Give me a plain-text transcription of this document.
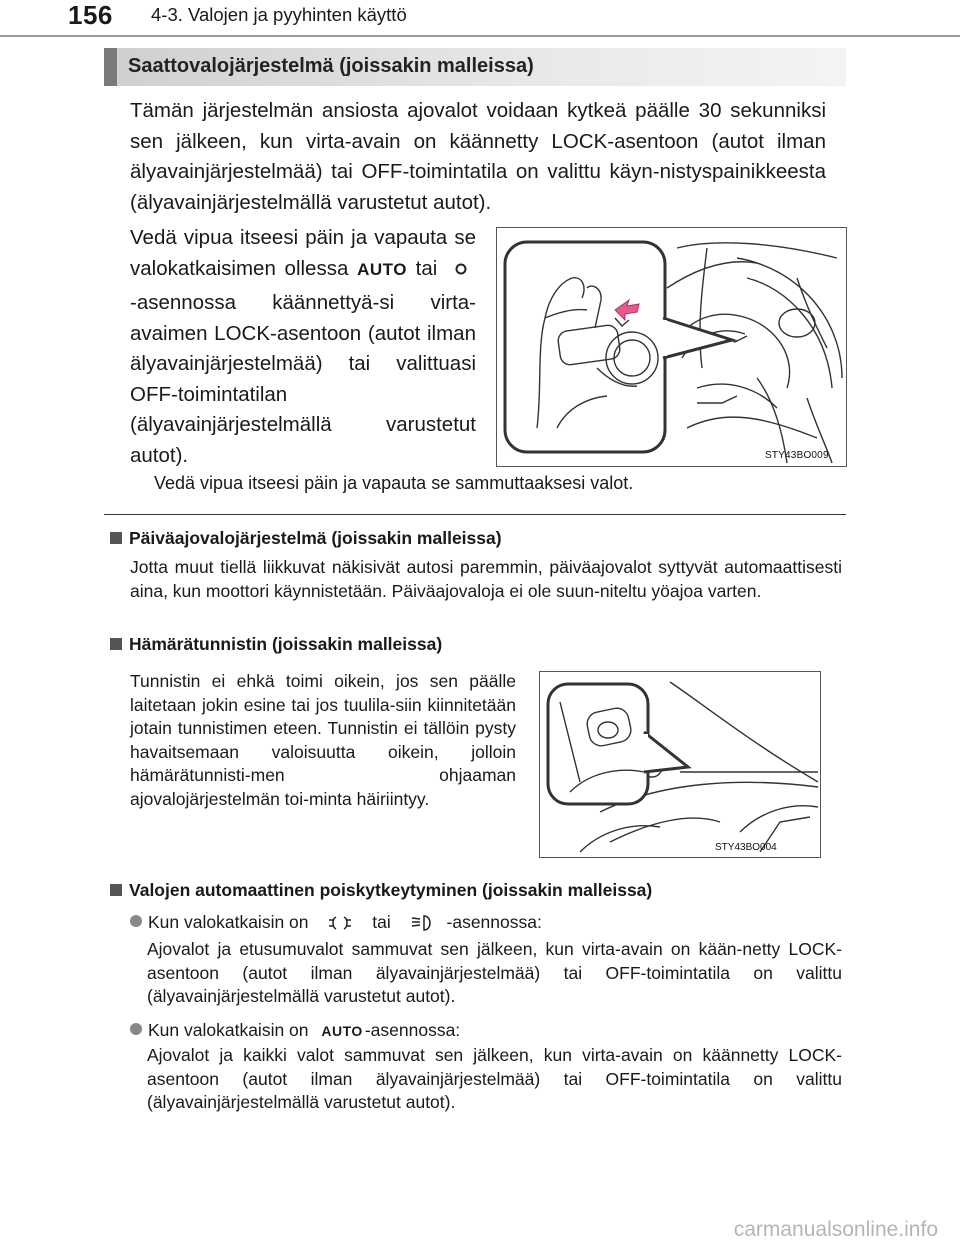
156 4-3. Valojen ja pyyhinten käyttö
Saattovalojärjestelmä (joissakin malleissa)
Tämän järjestelmän ansiosta ajovalot voidaan kytkeä päälle 30 sekunniksi sen jälkeen, kun virta-avain on käännetty LOCK-asentoon (autot ilman älyavainjärjestelmää) tai OFF-toimintatila on valittu käyn-nistyspainikkeesta (älyavainjärjestelmällä varustetut autot).
Vedä vipua itseesi päin ja vapauta se valokatkaisimen ollessa AUTO tai  -asennossa käännettyä-si virta-avaimen LOCK-asentoon (autot ilman älyavainjärjestelmää) tai valittuasi OFF-toimintatilan (älyavainjärjestelmällä varustetut autot).	STY43BO009
Vedä vipua itseesi päin ja vapauta se sammuttaaksesi valot.
Päiväajovalojärjestelmä (joissakin malleissa)
Jotta muut tiellä liikkuvat näkisivät autosi paremmin, päiväajovalot syttyvät automaattisesti aina, kun moottori käynnistetään. Päiväajovaloja ei ole suun-niteltu yöajoa varten.
Hämärätunnistin (joissakin malleissa)
Tunnistin ei ehkä toimi oikein, jos sen päälle laitetaan jokin esine tai jos tuulila-siin kiinnitetään jotain tunnistimen eteen. Tunnistin ei tällöin pysty havaitsemaan valoisuutta oikein, jolloin hämärätunnisti-men ohjaaman ajovalojärjestelmän toi-minta häiriintyy.
STY43BO004
Valojen automaattinen poiskytkeytyminen (joissakin malleissa)
Kun valokatkaisin on	tai	-asennossa:
Ajovalot ja etusumuvalot sammuvat sen jälkeen, kun virta-avain on kään-netty LOCK-asentoon (autot ilman älyavainjärjestelmää) tai OFF-toimintatila on valittu (älyavainjärjestelmällä varustetut autot).
Kun valokatkaisin on AUTO -asennossa:
Ajovalot ja kaikki valot sammuvat sen jälkeen, kun virta-avain on käännetty LOCK-asentoon (autot ilman älyavainjärjestelmää) tai OFF-toimintatila on valittu (älyavainjärjestelmällä varustetut autot).
carmanualsonline.info
